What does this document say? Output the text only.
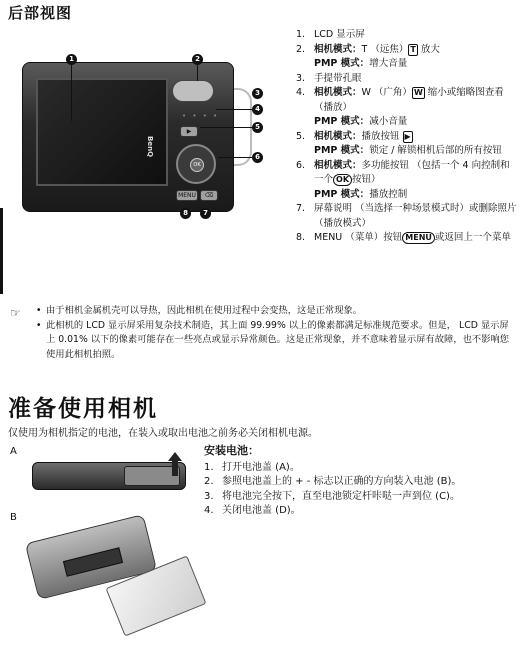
后部视图
BenQ
• • • •
▶
OK
MENU	⌫
1	2
3
4
5
6
8	7
1. LCD 显示屏
2. 相机模式：T （远焦） T 放大
PMP 模式：增大音量
3. 手提带孔眼
4. 相机模式：W （广角） W 缩小或缩略图查看 （播放）
PMP 模式：减小音量
5. 相机模式：播放按钮 ▶
PMP 模式：锁定 / 解锁相机后部的所有按钮
6. 相机模式：多功能按钮 （包括一个 4 向控制和一个 OK 按钮）
PMP 模式：播放控制
7. 屏幕说明 （当选择一种场景模式时）或删除照片 （播放模式）
8. MENU （菜单）按钮 MENU 或返回上一个菜单
☞
•	由于相机金属机壳可以导热，因此相机在使用过程中会变热，这是正常现象。
• 此相机的 LCD 显示屏采用复杂技术制造，其上面 99.99% 以上的像素都满足标准规范要求。但是， LCD 显示屏上 0.01% 以下的像素可能存在一些亮点或显示异常颜色。这是正常现象，并不意味着显示屏有故障，也不影响您使用此相机拍照。
准备使用相机
仅使用为相机指定的电池，在装入或取出电池之前务必关闭相机电源。
A
B
安装电池：
1. 打开电池盖 (A)。
2. 参照电池盖上的 + - 标志以正确的方向装入电池 (B)。
3. 将电池完全按下，直至电池锁定杆咔哒一声到位 (C)。
4. 关闭电池盖 (D)。
